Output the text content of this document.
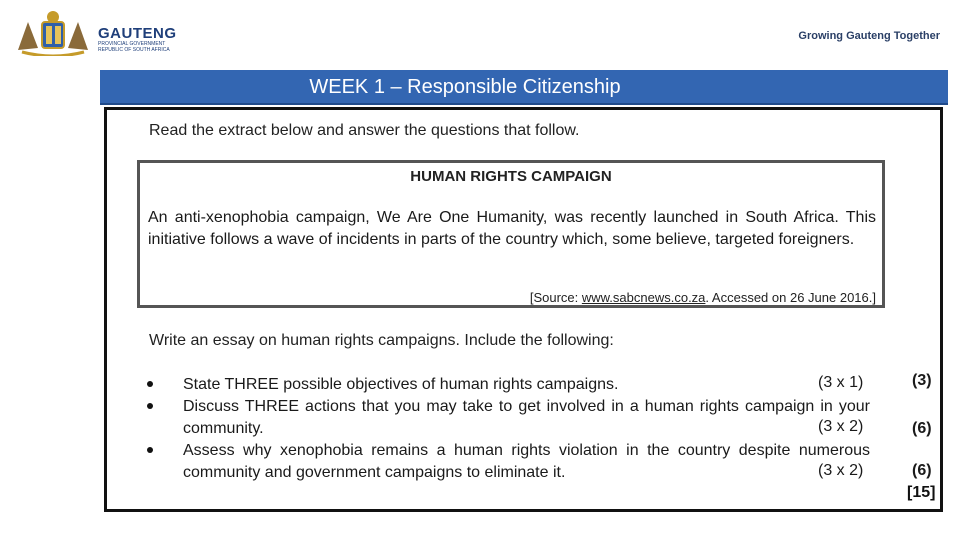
GAUTENG
PROVINCIAL GOVERNMENT
REPUBLIC OF SOUTH AFRICA
Growing Gauteng Together
WEEK 1 – Responsible Citizenship
Read the extract below and answer the questions that follow.
HUMAN RIGHTS CAMPAIGN
An anti-xenophobia campaign, We Are One Humanity, was recently launched in South Africa. This initiative follows a wave of incidents in parts of the country which, some believe, targeted foreigners.
[Source: www.sabcnews.co.za. Accessed on 26 June 2016.]
Write an essay on human rights campaigns. Include the following:
State THREE possible objectives of human rights campaigns.	(3 x 1)	(3)
Discuss THREE actions that you may take to get involved in a human rights campaign in your community.	(3 x 2)	(6)
Assess why xenophobia remains a human rights violation in the country despite numerous community and government campaigns to eliminate it.	(3 x 2)	(6)
[15]
